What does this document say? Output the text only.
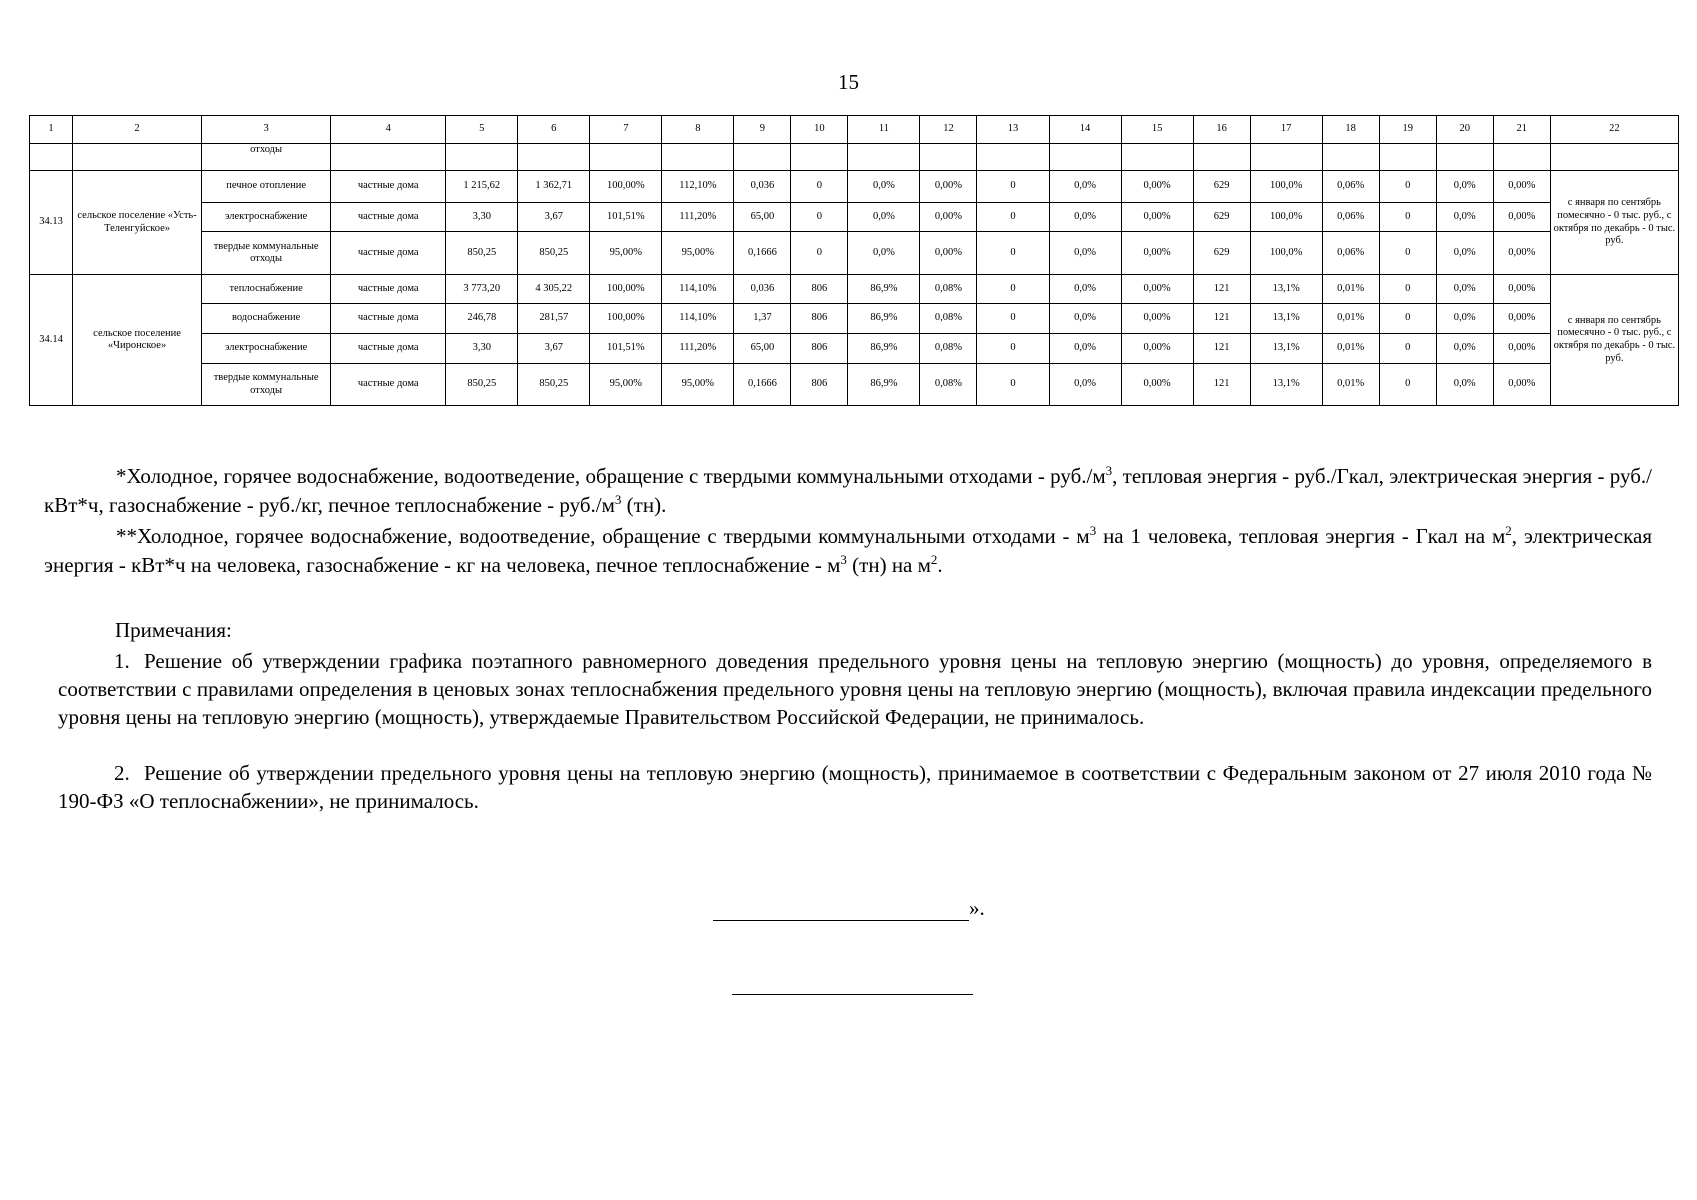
15
1	2	3	4	5	6	7	8	9	10	11	12	13	14	15	16	17	18	19	20	21	22
		отходы																			
34.13	сельское поселение «Усть-Теленгуйское»	печное отопление	частные дома	1 215,62	1 362,71	100,00%	112,10%	0,036	0	0,0%	0,00%	0	0,0%	0,00%	629	100,0%	0,06%	0	0,0%	0,00%	с января по сентябрь помесячно - 0 тыс. руб., с октября по декабрь - 0 тыс. руб.
		электроснабжение	частные дома	3,30	3,67	101,51%	111,20%	65,00	0	0,0%	0,00%	0	0,0%	0,00%	629	100,0%	0,06%	0	0,0%	0,00%	
		твердые коммунальные отходы	частные дома	850,25	850,25	95,00%	95,00%	0,1666	0	0,0%	0,00%	0	0,0%	0,00%	629	100,0%	0,06%	0	0,0%	0,00%	
34.14	сельское поселение «Чиронское»	теплоснабжение	частные дома	3 773,20	4 305,22	100,00%	114,10%	0,036	806	86,9%	0,08%	0	0,0%	0,00%	121	13,1%	0,01%	0	0,0%	0,00%	с января по сентябрь помесячно - 0 тыс. руб., с октября по декабрь - 0 тыс. руб.
		водоснабжение	частные дома	246,78	281,57	100,00%	114,10%	1,37	806	86,9%	0,08%	0	0,0%	0,00%	121	13,1%	0,01%	0	0,0%	0,00%	
		электроснабжение	частные дома	3,30	3,67	101,51%	111,20%	65,00	806	86,9%	0,08%	0	0,0%	0,00%	121	13,1%	0,01%	0	0,0%	0,00%	
		твердые коммунальные отходы	частные дома	850,25	850,25	95,00%	95,00%	0,1666	806	86,9%	0,08%	0	0,0%	0,00%	121	13,1%	0,01%	0	0,0%	0,00%	

*Холодное, горячее водоснабжение, водоотведение, обращение с твердыми коммунальными отходами - $руб./м^3$, тепловая энергия - руб./Гкал, электрическая энергия - руб./кВт*ч, газоснабжение - руб./кг, печное теплоснабжение - $руб./м^3$ (тн).

**Холодное, горячее водоснабжение, водоотведение, обращение с твердыми коммунальными отходами - $м^3$ на 1 человека, тепловая энергия - Гкал на $м^2$, электрическая энергия - кВт*ч на человека, газоснабжение - кг на человека, печное теплоснабжение - $м^3$ (тн) на $м^2$.

Примечания:

1. Решение об утверждении графика поэтапного равномерного доведения предельного уровня цены на тепловую энергию (мощность) до уровня, определяемого в соответствии с правилами определения в ценовых зонах теплоснабжения предельного уровня цены на тепловую энергию (мощность), включая правила индексации предельного уровня цены на тепловую энергию (мощность), утверждаемые Правительством Российской Федерации, не принималось.

2. Решение об утверждении предельного уровня цены на тепловую энергию (мощность), принимаемое в соответствии с Федеральным законом от 27 июля 2010 года № 190-ФЗ «О теплоснабжении», не принималось.

».
